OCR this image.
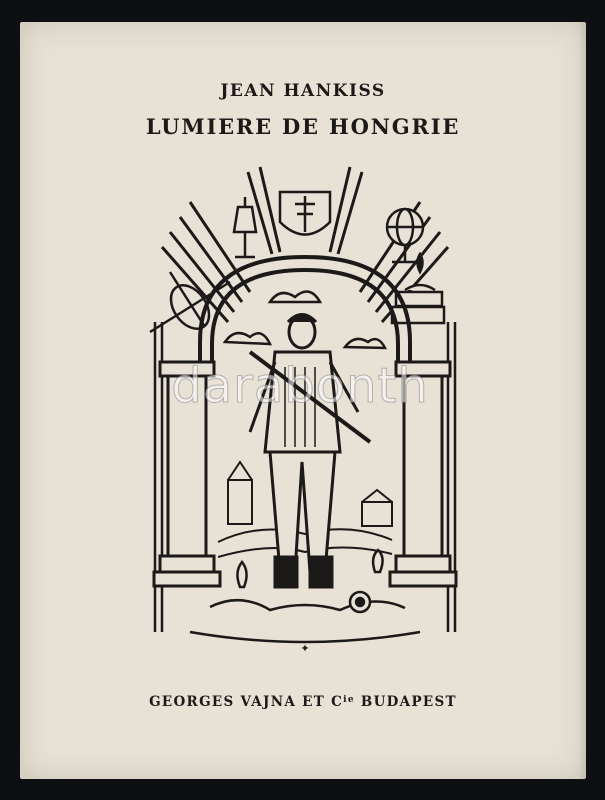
JEAN HANKISS
LUMIERE DE HONGRIE
✦
GEORGES VAJNA ET $C^{ie}$ BUDAPEST
darabonth
